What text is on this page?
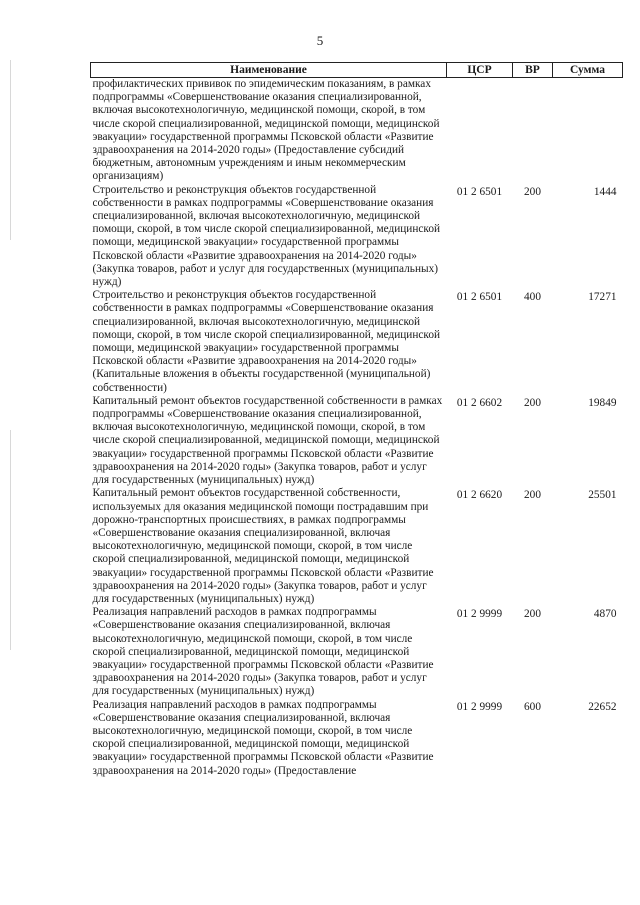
5
Наименование	ЦСР	ВР	Сумма
профилактических прививок по эпидемическим показаниям, в рамках подпрограммы «Совершенствование оказания специализированной, включая высокотехнологичную, медицинской помощи, скорой, в том числе скорой специализированной, медицинской помощи, медицинской эвакуации» государственной программы Псковской области «Развитие здравоохранения на 2014-2020 годы» (Предоставление субсидий бюджетным, автономным учреждениям и иным некоммерческим организациям)			
Строительство и реконструкция объектов государственной собственности в рамках подпрограммы «Совершенствование оказания специализированной, включая высокотехнологичную, медицинской помощи, скорой, в том числе скорой специализированной, медицинской помощи, медицинской эвакуации» государственной программы Псковской области «Развитие здравоохранения на 2014-2020 годы» (Закупка товаров, работ и услуг для государственных (муниципальных) нужд)	01 2 6501	200	1444
Строительство и реконструкция объектов государственной собственности в рамках подпрограммы «Совершенствование оказания специализированной, включая высокотехнологичную, медицинской помощи, скорой, в том числе скорой специализированной, медицинской помощи, медицинской эвакуации» государственной программы Псковской области «Развитие здравоохранения на 2014-2020 годы» (Капитальные вложения в объекты государственной (муниципальной) собственности)	01 2 6501	400	17271
Капитальный ремонт объектов государственной собственности в рамках подпрограммы «Совершенствование оказания специализированной, включая высокотехнологичную, медицинской помощи, скорой, в том числе скорой специализированной, медицинской помощи, медицинской эвакуации» государственной программы Псковской области «Развитие здравоохранения на 2014-2020 годы» (Закупка товаров, работ и услуг для государственных (муниципальных) нужд)	01 2 6602	200	19849
Капитальный ремонт объектов государственной собственности, используемых для оказания медицинской помощи пострадавшим при дорожно-транспортных происшествиях, в рамках подпрограммы «Совершенствование оказания специализированной, включая высокотехнологичную, медицинской помощи, скорой, в том числе скорой специализированной, медицинской помощи, медицинской эвакуации» государственной программы Псковской области «Развитие здравоохранения на 2014-2020 годы» (Закупка товаров, работ и услуг для государственных (муниципальных) нужд)	01 2 6620	200	25501
Реализация направлений расходов в рамках подпрограммы «Совершенствование оказания специализированной, включая высокотехнологичную, медицинской помощи, скорой, в том числе скорой специализированной, медицинской помощи, медицинской эвакуации» государственной программы Псковской области «Развитие здравоохранения на 2014-2020 годы» (Закупка товаров, работ и услуг для государственных (муниципальных) нужд)	01 2 9999	200	4870
Реализация направлений расходов в рамках подпрограммы «Совершенствование оказания специализированной, включая высокотехнологичную, медицинской помощи, скорой, в том числе скорой специализированной, медицинской помощи, медицинской эвакуации» государственной программы Псковской области «Развитие здравоохранения на 2014-2020 годы» (Предоставление	01 2 9999	600	22652
